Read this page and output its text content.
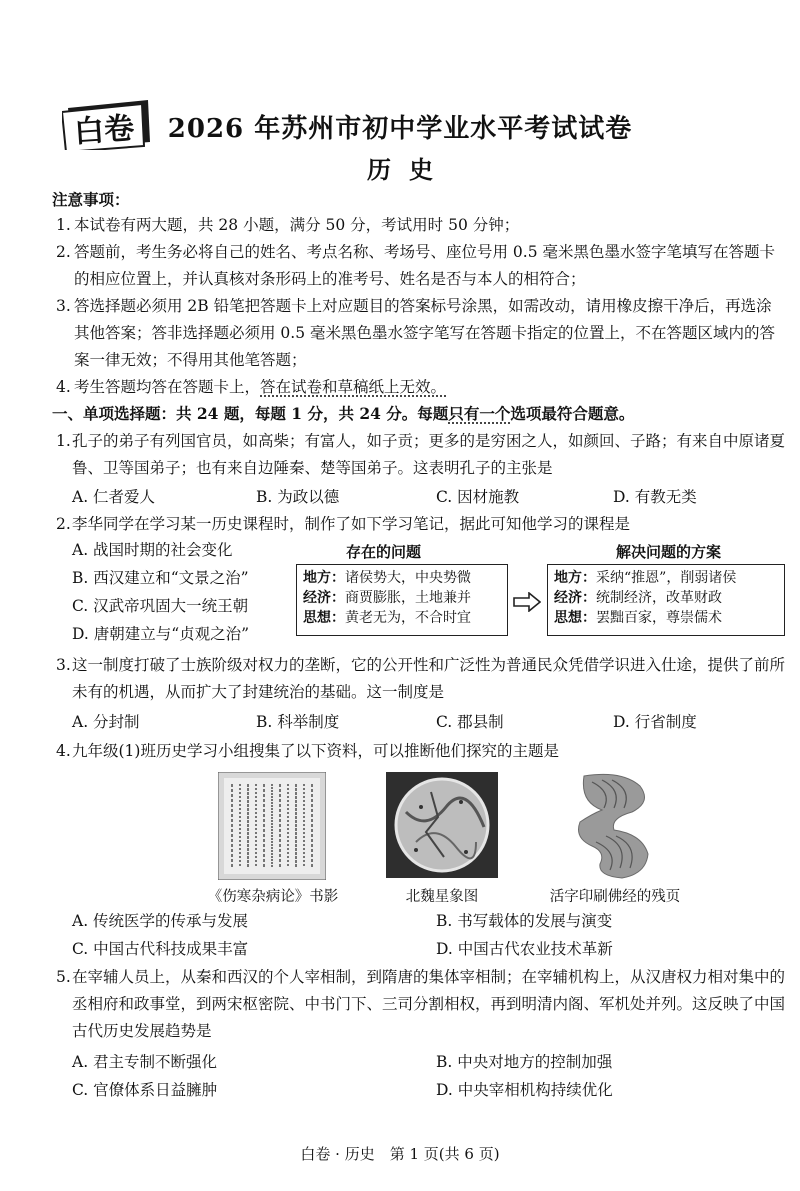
白卷	2026 年苏州市初中学业水平考试试卷
历史
注意事项：
1. 本试卷有两大题，共 28 小题，满分 50 分，考试用时 50 分钟；
2. 答题前，考生务必将自己的姓名、考点名称、考场号、座位号用 0.5 毫米黑色墨水签字笔填写在答题卡的相应位置上，并认真核对条形码上的准考号、姓名是否与本人的相符合；
3. 答选择题必须用 2B 铅笔把答题卡上对应题目的答案标号涂黑，如需改动，请用橡皮擦干净后，再选涂其他答案；答非选择题必须用 0.5 毫米黑色墨水签字笔写在答题卡指定的位置上，不在答题区域内的答案一律无效；不得用其他笔答题；
4. 考生答题均答在答题卡上，答在试卷和草稿纸上无效。
一、单项选择题：共 24 题，每题 1 分，共 24 分。每题只有一个选项最符合题意。
1. 孔子的弟子有列国官员，如高柴；有富人，如子贡；更多的是穷困之人，如颜回、子路；有来自中原诸夏鲁、卫等国弟子；也有来自边陲秦、楚等国弟子。这表明孔子的主张是
A. 仁者爱人	B. 为政以德	C. 因材施教	D. 有教无类
2. 李华同学在学习某一历史课程时，制作了如下学习笔记，据此可知他学习的课程是
A. 战国时期的社会变化
B. 西汉建立和“文景之治”
C. 汉武帝巩固大一统王朝
D. 唐朝建立与“贞观之治”
存在的问题	解决问题的方案
地方：诸侯势大，中央势微
经济：商贾膨胀，土地兼并
思想：黄老无为，不合时宜
地方：采纳“推恩”，削弱诸侯
经济：统制经济，改革财政
思想：罢黜百家，尊崇儒术
3. 这一制度打破了士族阶级对权力的垄断，它的公开性和广泛性为普通民众凭借学识进入仕途，提供了前所未有的机遇，从而扩大了封建统治的基础。这一制度是
A. 分封制	B. 科举制度	C. 郡县制	D. 行省制度
4. 九年级(1)班历史学习小组搜集了以下资料，可以推断他们探究的主题是
《伤寒杂病论》书影	北魏星象图	活字印刷佛经的残页
A. 传统医学的传承与发展	B. 书写载体的发展与演变
C. 中国古代科技成果丰富	D. 中国古代农业技术革新
5. 在宰辅人员上，从秦和西汉的个人宰相制，到隋唐的集体宰相制；在宰辅机构上，从汉唐权力相对集中的丞相府和政事堂，到两宋枢密院、中书门下、三司分割相权，再到明清内阁、军机处并列。这反映了中国古代历史发展趋势是
A. 君主专制不断强化	B. 中央对地方的控制加强
C. 官僚体系日益臃肿	D. 中央宰相机构持续优化
白卷 · 历史　第 1 页(共 6 页)
